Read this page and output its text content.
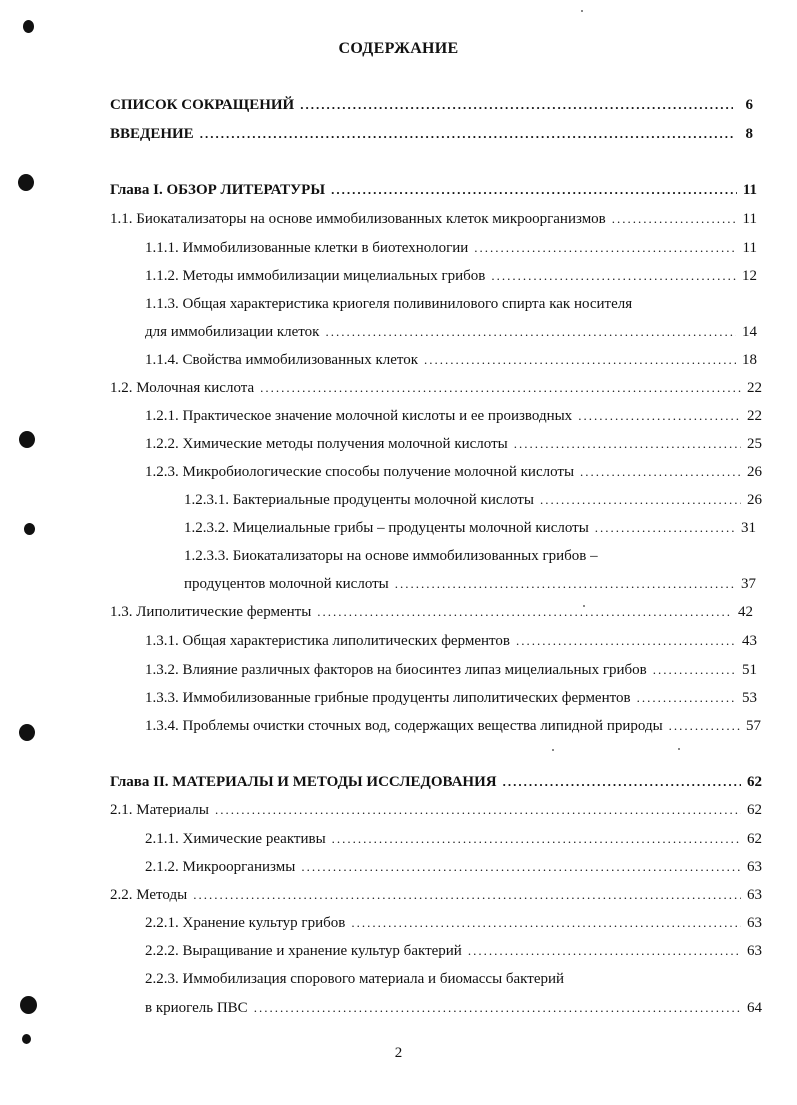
СОДЕРЖАНИЕ
СПИСОК СОКРАЩЕНИЙ .....	6
ВВЕДЕНИЕ .....	8
Глава I. ОБЗОР ЛИТЕРАТУРЫ .....	11
1.1. Биокатализаторы на основе иммобилизованных клеток микроорганизмов .....	11
1.1.1. Иммобилизованные клетки в биотехнологии .....	11
1.1.2. Методы иммобилизации мицелиальных грибов .....	12
1.1.3. Общая характеристика криогеля поливинилового спирта как носителя
для иммобилизации клеток .....	14
1.1.4. Свойства иммобилизованных клеток .....	18
1.2. Молочная кислота .....	22
1.2.1. Практическое значение молочной кислоты и ее производных .....	22
1.2.2. Химические методы получения молочной кислоты .....	25
1.2.3. Микробиологические способы получение молочной кислоты .....	26
1.2.3.1. Бактериальные продуценты молочной кислоты .....	26
1.2.3.2. Мицелиальные грибы – продуценты молочной кислоты .....	31
1.2.3.3. Биокатализаторы на основе иммобилизованных грибов –
продуцентов молочной кислоты .....	37
1.3. Липолитические ферменты .....	42
1.3.1. Общая характеристика липолитических ферментов .....	43
1.3.2. Влияние различных факторов на биосинтез липаз мицелиальных грибов .....	51
1.3.3. Иммобилизованные грибные продуценты липолитических ферментов .....	53
1.3.4. Проблемы очистки сточных вод, содержащих вещества липидной природы .....	57
Глава II. МАТЕРИАЛЫ И МЕТОДЫ ИССЛЕДОВАНИЯ .....	62
2.1. Материалы .....	62
2.1.1. Химические реактивы .....	62
2.1.2. Микроорганизмы .....	63
2.2. Методы .....	63
2.2.1. Хранение культур грибов .....	63
2.2.2. Выращивание и хранение культур бактерий .....	63
2.2.3. Иммобилизация спорового материала и биомассы бактерий
в криогель ПВС .....	64
2
